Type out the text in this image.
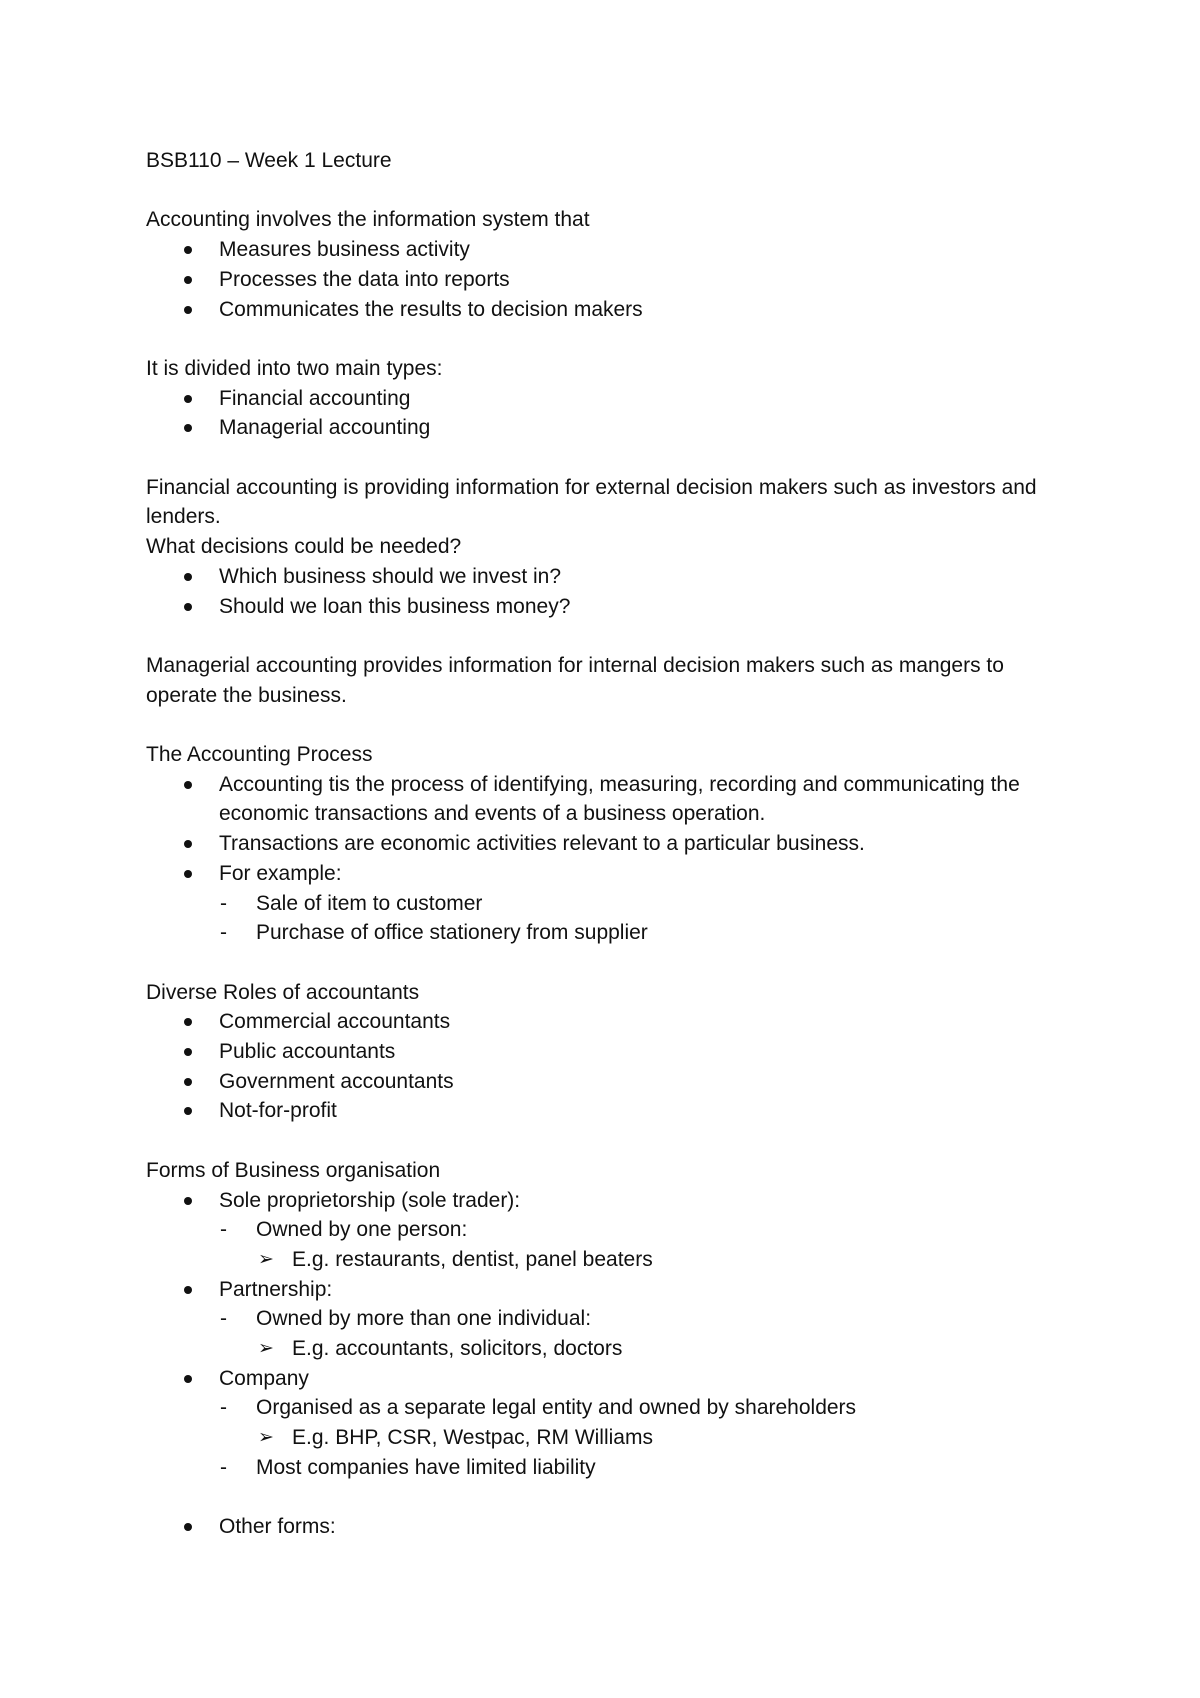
BSB110 – Week 1 Lecture
Accounting involves the information system that
Measures business activity
Processes the data into reports
Communicates the results to decision makers
It is divided into two main types:
Financial accounting
Managerial accounting
Financial accounting is providing information for external decision makers such as investors and lenders.
What decisions could be needed?
Which business should we invest in?
Should we loan this business money?
Managerial accounting provides information for internal decision makers such as mangers to operate the business.
The Accounting Process
Accounting tis the process of identifying, measuring, recording and communicating the economic transactions and events of a business operation.
Transactions are economic activities relevant to a particular business.
For example:
- Sale of item to customer
- Purchase of office stationery from supplier
Diverse Roles of accountants
Commercial accountants
Public accountants
Government accountants
Not-for-profit
Forms of Business organisation
Sole proprietorship (sole trader):
- Owned by one person:
➢ E.g. restaurants, dentist, panel beaters
Partnership:
- Owned by more than one individual:
➢ E.g. accountants, solicitors, doctors
Company
- Organised as a separate legal entity and owned by shareholders
➢ E.g. BHP, CSR, Westpac, RM Williams
- Most companies have limited liability
Other forms:
